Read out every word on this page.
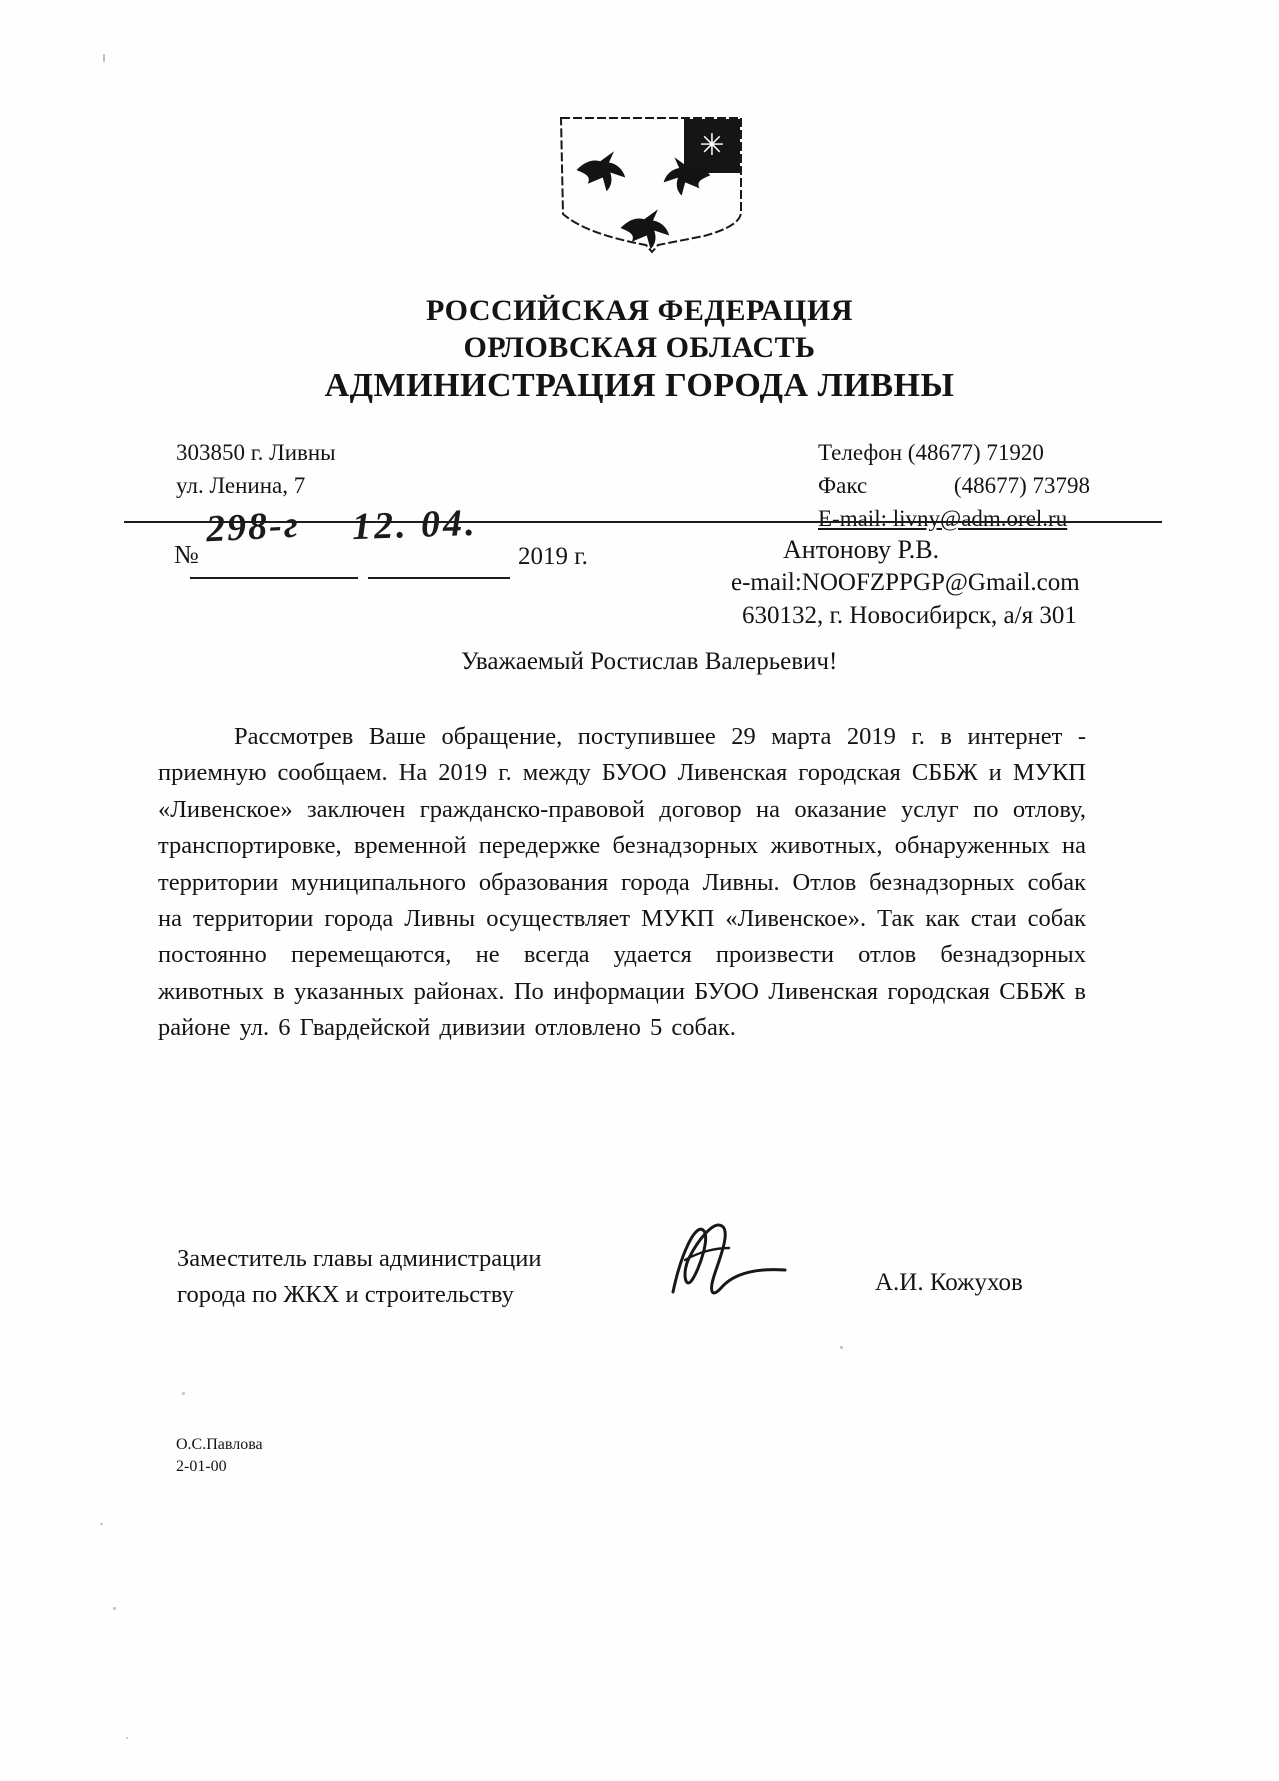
✳
РОССИЙСКАЯ ФЕДЕРАЦИЯ
ОРЛОВСКАЯ ОБЛАСТЬ
АДМИНИСТРАЦИЯ ГОРОДА ЛИВНЫ
303850 г. Ливны
ул. Ленина, 7
Телефон (48677) 71920
Факс	(48677) 73798
E-mail: livny@adm.orel.ru
№
298-г 12. 04.
2019 г.	Антонову Р.В.
e-mail:NOOFZPPGP@Gmail.com
630132, г. Новосибирск, а/я 301
Уважаемый Ростислав Валерьевич!
Рассмотрев Ваше обращение, поступившее 29 марта 2019 г. в интернет - приемную сообщаем. На 2019 г. между БУОО Ливенская городская СББЖ и МУКП «Ливенское» заключен гражданско-правовой договор на оказание услуг по отлову, транспортировке, временной передержке безнадзорных животных, обнаруженных на территории муниципального образования города Ливны. Отлов безнадзорных собак на территории города Ливны осуществляет МУКП «Ливенское». Так как стаи собак постоянно перемещаются, не всегда удается произвести отлов безнадзорных животных в указанных районах. По информации БУОО Ливенская городская СББЖ в районе ул. 6 Гвардейской дивизии отловлено 5 собак.
Заместитель главы администрации
города по ЖКХ и строительству	А.И. Кожухов
О.С.Павлова
2-01-00
